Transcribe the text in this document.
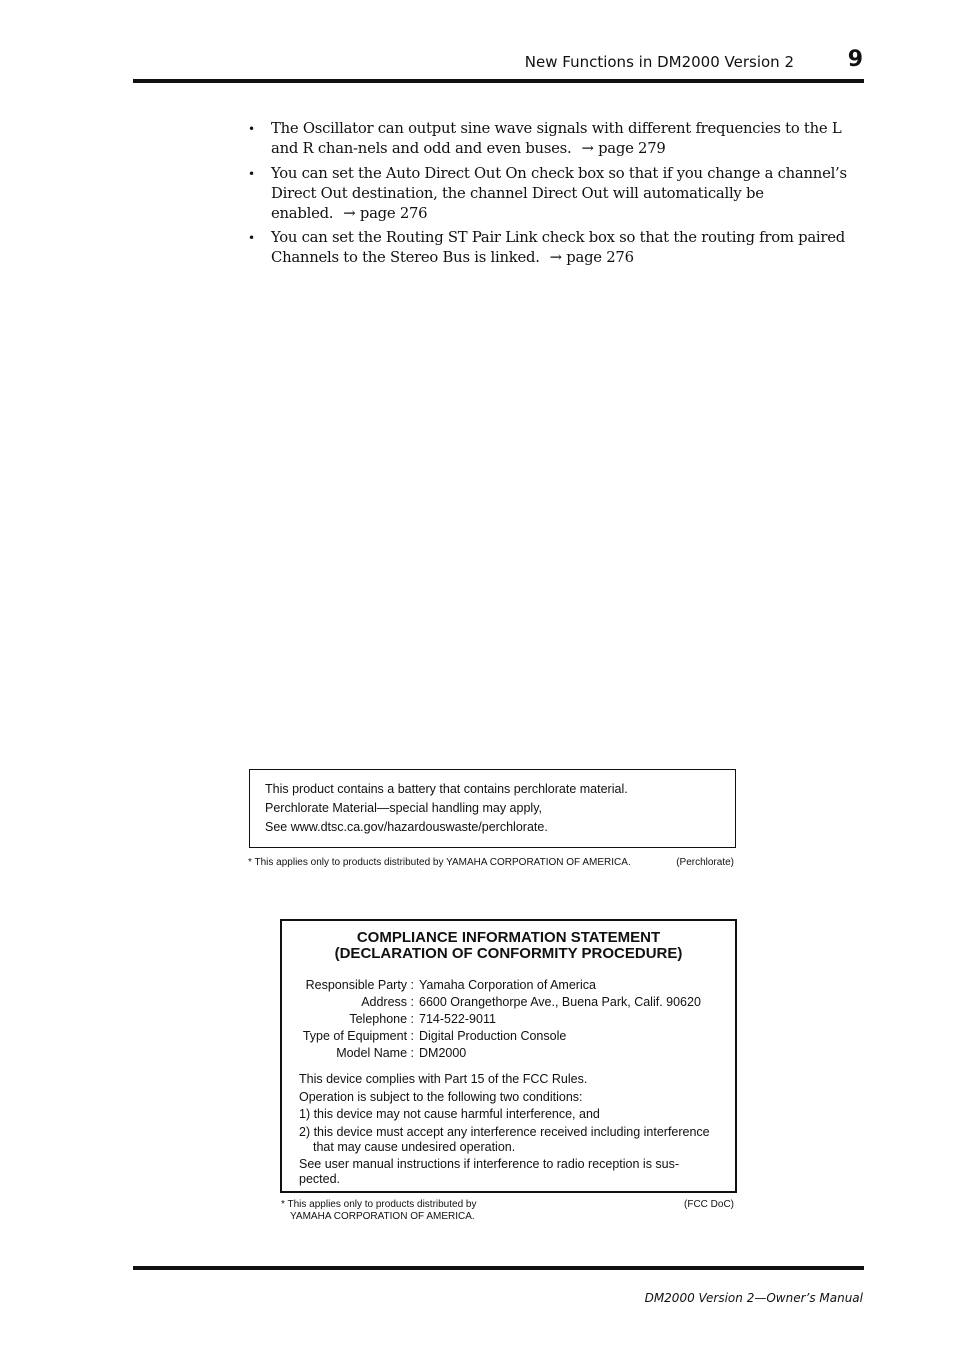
New Functions in DM2000 Version 2 9
• The Oscillator can output sine wave signals with different frequencies to the L and R chan-nels and odd and even buses. → page 279
• You can set the Auto Direct Out On check box so that if you change a channel’s Direct Out destination, the channel Direct Out will automatically be enabled. → page 276
• You can set the Routing ST Pair Link check box so that the routing from paired Channels to the Stereo Bus is linked. → page 276
This product contains a battery that contains perchlorate material.
Perchlorate Material—special handling may apply,
See www.dtsc.ca.gov/hazardouswaste/perchlorate.
* This applies only to products distributed by YAMAHA CORPORATION OF AMERICA.	(Perchlorate)
COMPLIANCE INFORMATION STATEMENT
(DECLARATION OF CONFORMITY PROCEDURE)
Responsible Party : Yamaha Corporation of America
Address : 6600 Orangethorpe Ave., Buena Park, Calif. 90620
Telephone : 714-522-9011
Type of Equipment : Digital Production Console
Model Name : DM2000
This device complies with Part 15 of the FCC Rules.
Operation is subject to the following two conditions:
1) this device may not cause harmful interference, and
2) this device must accept any interference received including interference
that may cause undesired operation.
See user manual instructions if interference to radio reception is sus-
pected.
* This applies only to products distributed by
YAMAHA CORPORATION OF AMERICA.
(FCC DoC)
DM2000 Version 2—Owner’s Manual
